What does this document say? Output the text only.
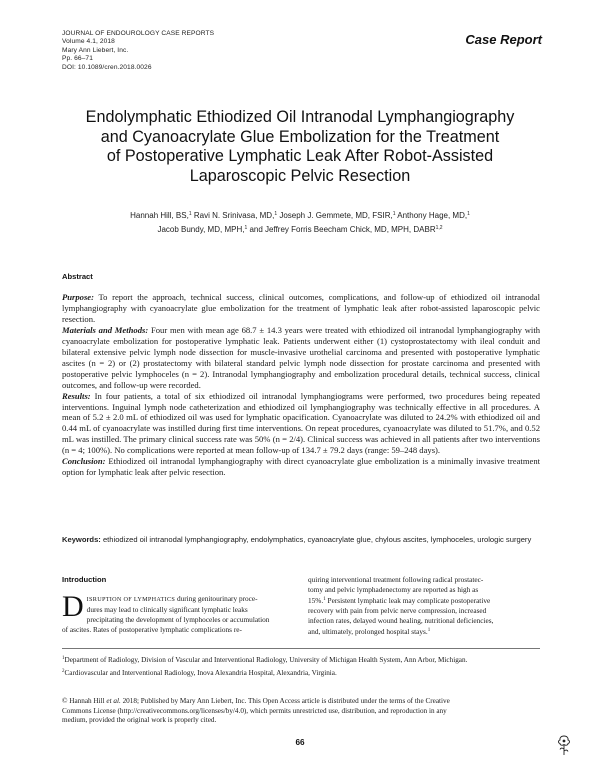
JOURNAL OF ENDOUROLOGY CASE REPORTS
Volume 4.1, 2018
Mary Ann Liebert, Inc.
Pp. 66–71
DOI: 10.1089/cren.2018.0026
Case Report
Endolymphatic Ethiodized Oil Intranodal Lymphangiography
and Cyanoacrylate Glue Embolization for the Treatment
of Postoperative Lymphatic Leak After Robot-Assisted
Laparoscopic Pelvic Resection
Hannah Hill, BS,$^1$ Ravi N. Srinivasa, MD,$^1$ Joseph J. Gemmete, MD, FSIR,$^1$ Anthony Hage, MD,$^1$
Jacob Bundy, MD, MPH,$^1$ and Jeffrey Forris Beecham Chick, MD, MPH, DABR$^{1,2}$
Abstract

Purpose: To report the approach, technical success, clinical outcomes, complications, and follow-up of ethiodized oil intranodal lymphangiography with cyanoacrylate glue embolization for the treatment of lymphatic leak after robot-assisted laparoscopic pelvic resection.

Materials and Methods: Four men with mean age 68.7 ± 14.3 years were treated with ethiodized oil intranodal lymphangiography with cyanoacrylate embolization for postoperative lymphatic leak. Patients underwent either (1) cystoprostatectomy with ileal conduit and bilateral extensive pelvic lymph node dissection for muscle-invasive urothelial carcinoma and presented with postoperative lymphatic ascites (n = 2) or (2) prostatectomy with bilateral standard pelvic lymph node dissection for prostate carcinoma and presented with postoperative pelvic lymphoceles (n = 2). Intranodal lymphangiography and embolization procedural details, technical success, clinical outcomes, and follow-up were recorded.

Results: In four patients, a total of six ethiodized oil intranodal lymphangiograms were performed, two procedures being repeated interventions. Inguinal lymph node catheterization and ethiodized oil lymphangiography was technically effective in all procedures. A mean of 5.2 ± 2.0 mL of ethiodized oil was used for lymphatic opacification. Cyanoacrylate was diluted to 24.2% with ethiodized oil and 0.44 mL of cyanoacrylate was instilled during first time interventions. On repeat procedures, cyanoacrylate was diluted to 51.7%, and 0.52 mL was instilled. The primary clinical success rate was 50% (n = 2/4). Clinical success was achieved in all patients after two interventions (n = 4; 100%). No complications were reported at mean follow-up of 134.7 ± 79.2 days (range: 59–248 days).

Conclusion: Ethiodized oil intranodal lymphangiography with direct cyanoacrylate glue embolization is a minimally invasive treatment option for lymphatic leak after pelvic resection.

Keywords: ethiodized oil intranodal lymphangiography, endolymphatics, cyanoacrylate glue, chylous ascites, lymphoceles, urologic surgery
Introduction
D ISRUPTION OF LYMPHATICS during genitourinary proce-
dures may lead to clinically significant lymphatic leaks
precipitating the development of lymphoceles or accumulation
of ascites. Rates of postoperative lymphatic complications re-
quiring interventional treatment following radical prostatec-
tomy and pelvic lymphadenectomy are reported as high as
15%.$^1$ Persistent lymphatic leak may complicate postoperative
recovery with pain from pelvic nerve compression, increased
infection rates, delayed wound healing, nutritional deficiencies,
and, ultimately, prolonged hospital stays.$^1$

$^1$Department of Radiology, Division of Vascular and Interventional Radiology, University of Michigan Health System, Ann Arbor, Michigan.

$^2$Cardiovascular and Interventional Radiology, Inova Alexandria Hospital, Alexandria, Virginia.

© Hannah Hill et al. 2018; Published by Mary Ann Liebert, Inc. This Open Access article is distributed under the terms of the Creative
Commons License (http://creativecommons.org/licenses/by/4.0), which permits unrestricted use, distribution, and reproduction in any
medium, provided the original work is properly cited.
66
